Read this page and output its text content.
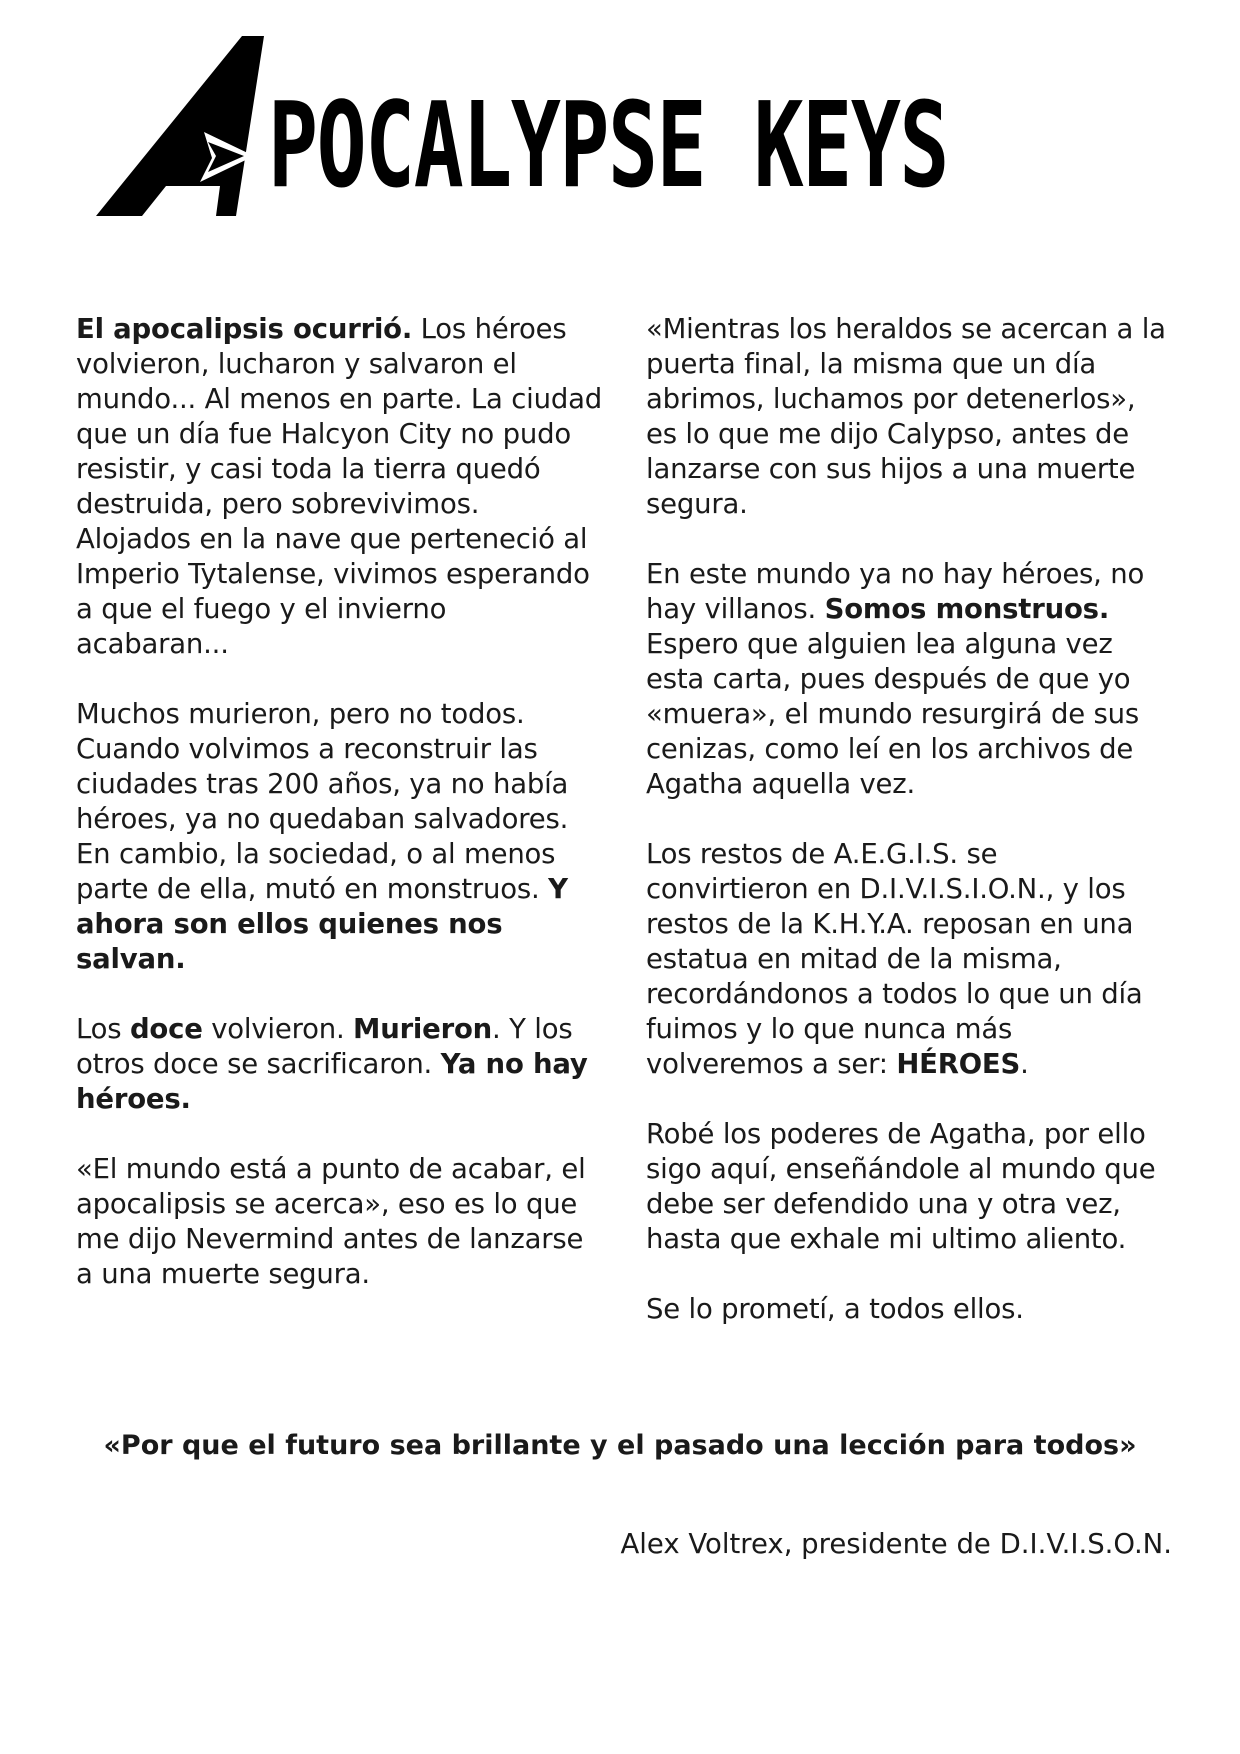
POCALYPSE KEYS

El apocalipsis ocurrió. Los héroes volvieron, lucharon y salvaron el mundo... Al menos en parte. La ciudad que un día fue Halcyon City no pudo resistir, y casi toda la tierra quedó destruida, pero sobrevivimos. Alojados en la nave que perteneció al Imperio Tytalense, vivimos esperando a que el fuego y el invierno acabaran...

Muchos murieron, pero no todos. Cuando volvimos a reconstruir las ciudades tras 200 años, ya no había héroes, ya no quedaban salvadores. En cambio, la sociedad, o al menos parte de ella, mutó en monstruos. Y ahora son ellos quienes nos salvan.

Los doce volvieron. Murieron. Y los otros doce se sacrificaron. Ya no hay héroes.

«El mundo está a punto de acabar, el apocalipsis se acerca», eso es lo que me dijo Nevermind antes de lanzarse a una muerte segura.

«Mientras los heraldos se acercan a la puerta final, la misma que un día abrimos, luchamos por detenerlos», es lo que me dijo Calypso, antes de lanzarse con sus hijos a una muerte segura.

En este mundo ya no hay héroes, no hay villanos. Somos monstruos. Espero que alguien lea alguna vez esta carta, pues después de que yo «muera», el mundo resurgirá de sus cenizas, como leí en los archivos de Agatha aquella vez.

Los restos de A.E.G.I.S. se convirtieron en D.I.V.I.S.I.O.N., y los restos de la K.H.Y.A. reposan en una estatua en mitad de la misma, recordándonos a todos lo que un día fuimos y lo que nunca más volveremos a ser: HÉROES.

Robé los poderes de Agatha, por ello sigo aquí, enseñándole al mundo que debe ser defendido una y otra vez, hasta que exhale mi ultimo aliento.

Se lo prometí, a todos ellos.

«Por que el futuro sea brillante y el pasado una lección para todos»
Alex Voltrex, presidente de D.I.V.I.S.O.N.
